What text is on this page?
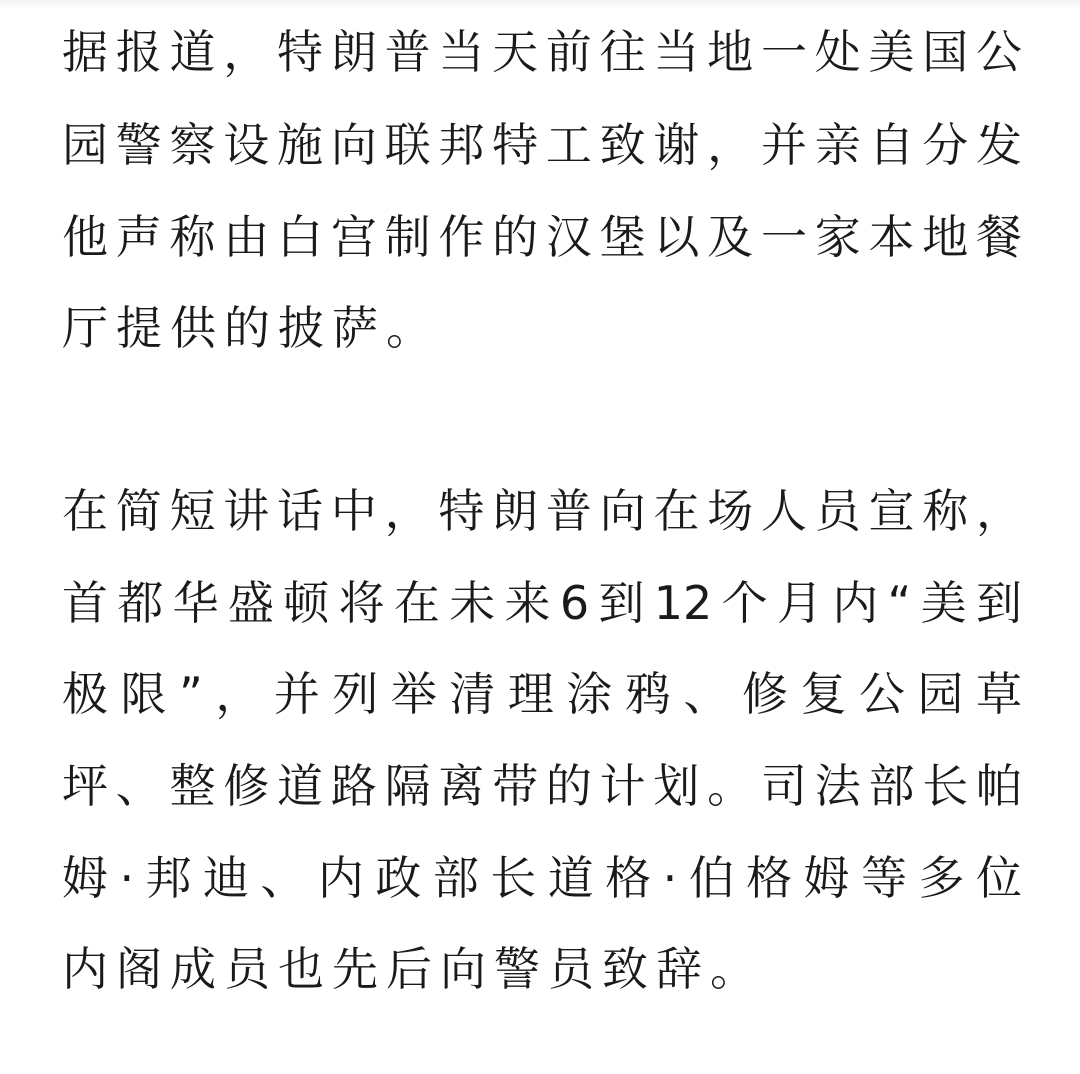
据报道，特朗普当天前往当地一处美国公
园警察设施向联邦特工致谢，并亲自分发
他声称由白宫制作的汉堡以及一家本地餐
厅提供的披萨。
在简短讲话中，特朗普向在场人员宣称，
首都华盛顿将在未来6到12个月内“美到
极限”，并列举清理涂鸦、修复公园草
坪、整修道路隔离带的计划。司法部长帕
姆·邦迪、内政部长道格·伯格姆等多位
内阁成员也先后向警员致辞。
